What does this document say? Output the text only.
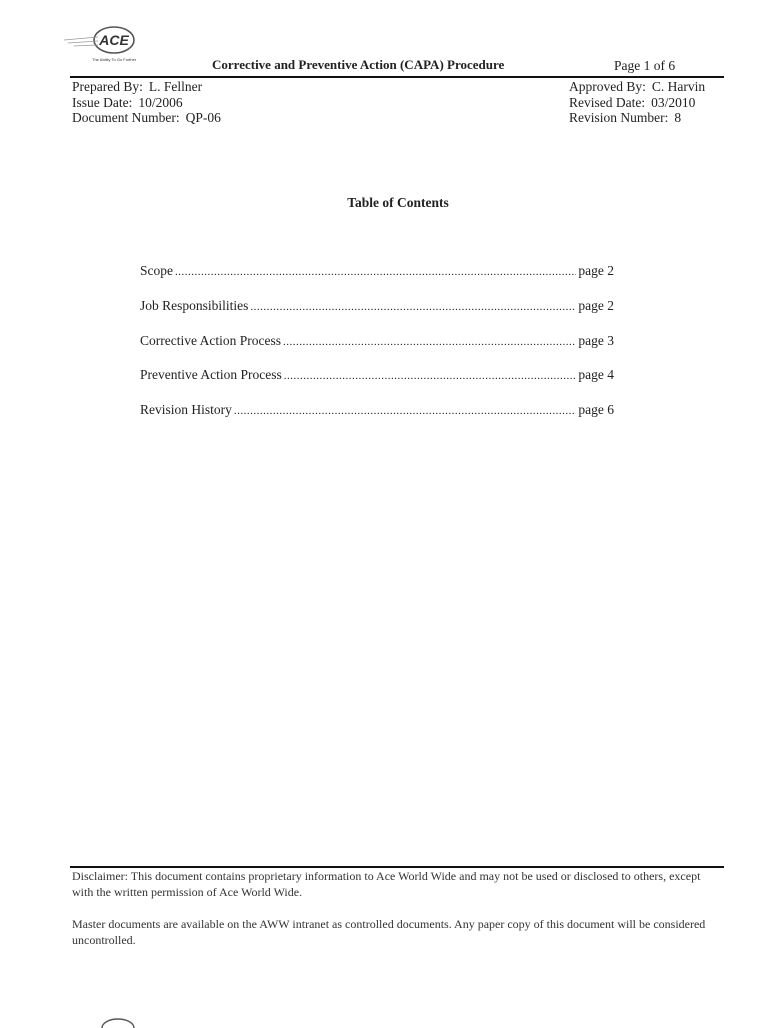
ACE
The Ability To Go Further	Corrective and Preventive Action (CAPA) Procedure	Page 1 of 6
Prepared By: L. Fellner
Issue Date: 10/2006
Document Number: QP-06
Approved By: C. Harvin
Revised Date: 03/2010
Revision Number: 8
Table of Contents
Scope .....	page 2
Job Responsibilities .....	page 2
Corrective Action Process .....	page 3
Preventive Action Process .....	page 4
Revision History .....	page 6
Disclaimer: This document contains proprietary information to Ace World Wide and may not be used or disclosed to others, except with the written permission of Ace World Wide.
Master documents are available on the AWW intranet as controlled documents. Any paper copy of this document will be considered uncontrolled.
